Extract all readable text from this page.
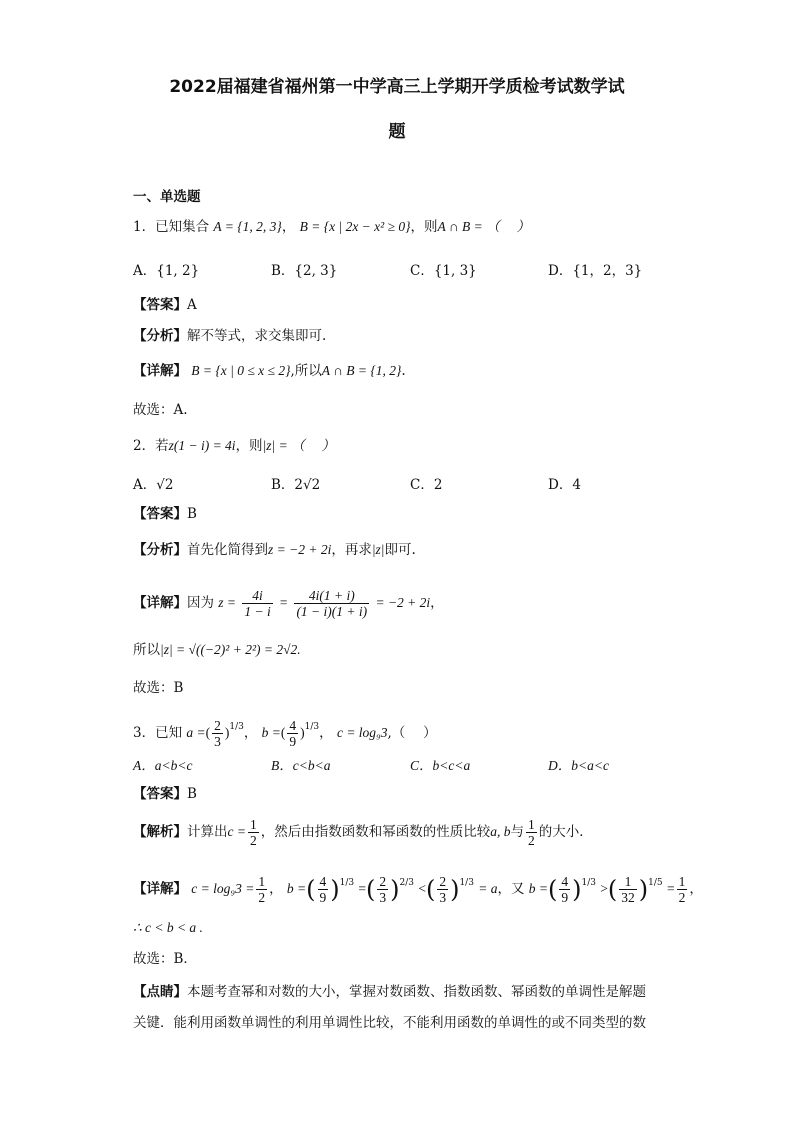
2022届福建省福州第一中学高三上学期开学质检考试数学试
题
一、单选题
1．已知集合 A = {1, 2, 3}， B = {x | 2x − x² ≥ 0}，则A ∩ B = （　 ）
A．{1, 2}	B．{2, 3}	C．{1, 3}	D．{1，2，3}
【答案】A
【分析】解不等式，求交集即可.
【详解】 B = {x | 0 ≤ x ≤ 2},所以A ∩ B = {1, 2}.
故选：A.
2．若z(1 − i) = 4i，则|z| = （　 ）
A．√2	B．2√2	C．2	D．4
【答案】B
【分析】首先化简得到z = −2 + 2i，再求|z|即可.
【详解】因为 $z = \frac{4i}{1 - i} = \frac{4i(1 + i)}{(1 - i)(1 + i)} = -2 + 2i$，
所以|z| = √((−2)² + 2²) = 2√2.
故选：B
3．已知 a =( $\frac{2}{3} )^{1/3}$， b =( $\frac{4}{9} )^{1/3}$， c = log₉3,（　 ）
A．a<b<c	B．c<b<a	C．b<c<a	D．b<a<c
【答案】B
【解析】计算出$c = \frac{1}{2}$ ，然后由指数函数和幂函数的性质比较a, b与 $\frac{1}{2}$ 的大小．
【详解】 $c = \log_93 = \frac{1}{2}$ ， b =( $\frac{4}{9} )^{1/3}$ =( $\frac{2}{3} )^{2/3}$ <( $\frac{2}{3} )^{1/3} = a$，又 b =( $\frac{4}{9} )^{1/3}$ >( $\frac{1}{32} )^{1/5} = \frac{1}{2}$ ，
∴ c < b < a .
故选：B．
【点睛】本题考查幂和对数的大小，掌握对数函数、指数函数、幂函数的单调性是解题
关键．能利用函数单调性的利用单调性比较，不能利用函数的单调性的或不同类型的数
